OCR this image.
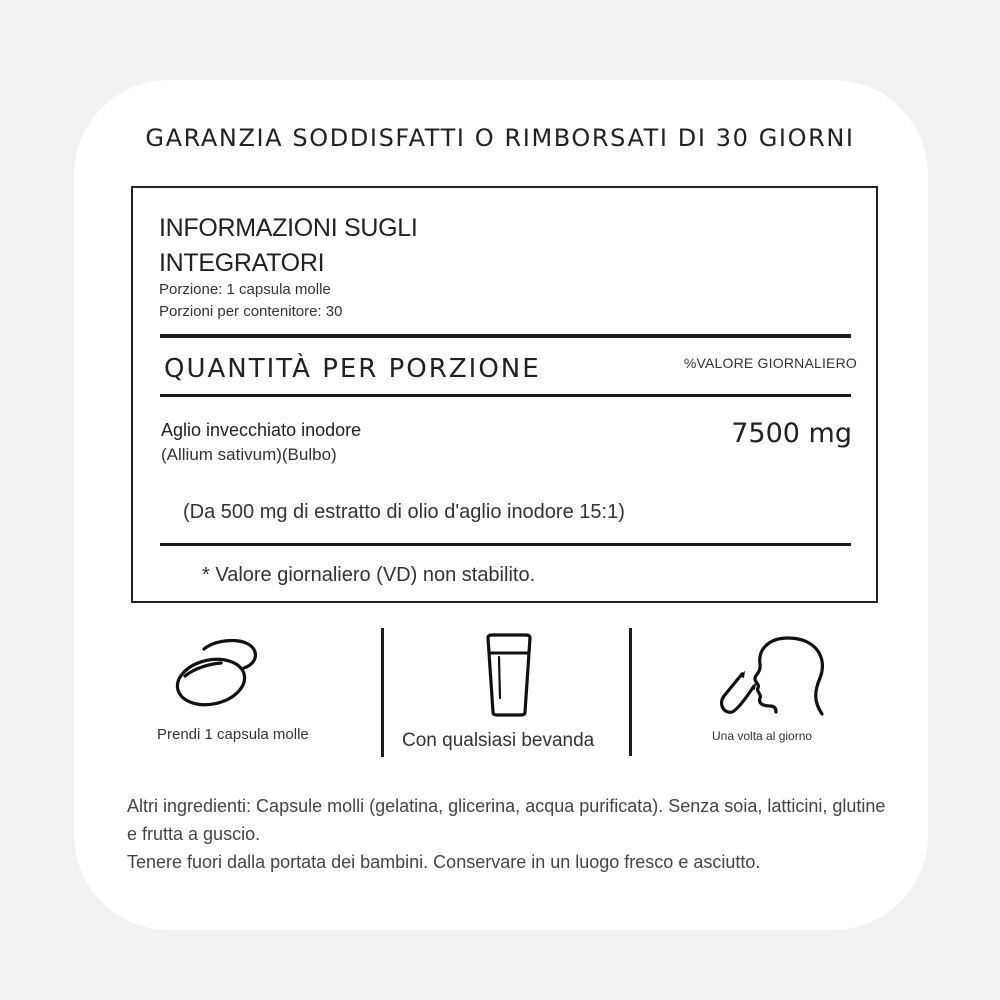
GARANZIA SODDISFATTI O RIMBORSATI DI 30 GIORNI
INFORMAZIONI SUGLI
INTEGRATORI
Porzione: 1 capsula molle
Porzioni per contenitore: 30
QUANTITÀ PER PORZIONE	%VALORE GIORNALIERO
Aglio invecchiato inodore
(Allium sativum)(Bulbo)
7500 mg
(Da 500 mg di estratto di olio d'aglio inodore 15:1)
* Valore giornaliero (VD) non stabilito.
Prendi 1 capsula molle	Con qualsiasi bevanda	Una volta al giorno

Altri ingredienti: Capsule molli (gelatina, glicerina, acqua purificata). Senza soia, latticini, glutine e frutta a guscio.

Tenere fuori dalla portata dei bambini. Conservare in un luogo fresco e asciutto.
